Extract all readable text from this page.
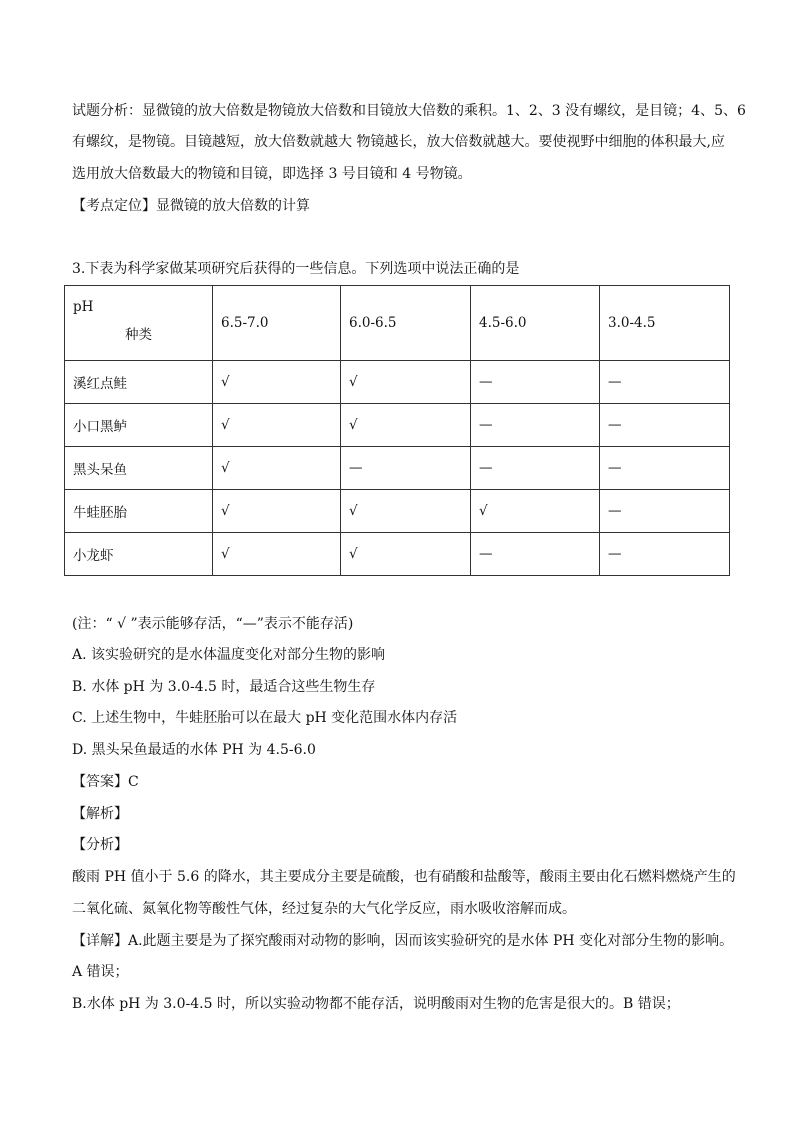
试题分析：显微镜的放大倍数是物镜放大倍数和目镜放大倍数的乘积。1、2、3 没有螺纹，是目镜；4、5、6
有螺纹，是物镜。目镜越短，放大倍数就越大 物镜越长，放大倍数就越大。要使视野中细胞的体积最大,应
选用放大倍数最大的物镜和目镜，即选择 3 号目镜和 4 号物镜。
【考点定位】显微镜的放大倍数的计算
3.下表为科学家做某项研究后获得的一些信息。下列选项中说法正确的是
pH
种类	6.5-7.0	6.0-6.5	4.5-6.0	3.0-4.5
溪红点鲑	√	√	—	—
小口黑鲈	√	√	—	—
黑头呆鱼	√	—	—	—
牛蛙胚胎	√	√	√	—
小龙虾	√	√	—	—
(注：“ √ ”表示能够存活，“—”表示不能存活)
A. 该实验研究的是水体温度变化对部分生物的影响
B. 水体 pH 为 3.0-4.5 时，最适合这些生物生存
C. 上述生物中，牛蛙胚胎可以在最大 pH 变化范围水体内存活
D. 黑头呆鱼最适的水体 PH 为 4.5-6.0
【答案】C
【解析】
【分析】
酸雨 PH 值小于 5.6 的降水，其主要成分主要是硫酸，也有硝酸和盐酸等，酸雨主要由化石燃料燃烧产生的
二氧化硫、氮氧化物等酸性气体，经过复杂的大气化学反应，雨水吸收溶解而成。
【详解】A.此题主要是为了探究酸雨对动物的影响，因而该实验研究的是水体 PH 变化对部分生物的影响。
A 错误；
B.水体 pH 为 3.0-4.5 时，所以实验动物都不能存活，说明酸雨对生物的危害是很大的。B 错误；
